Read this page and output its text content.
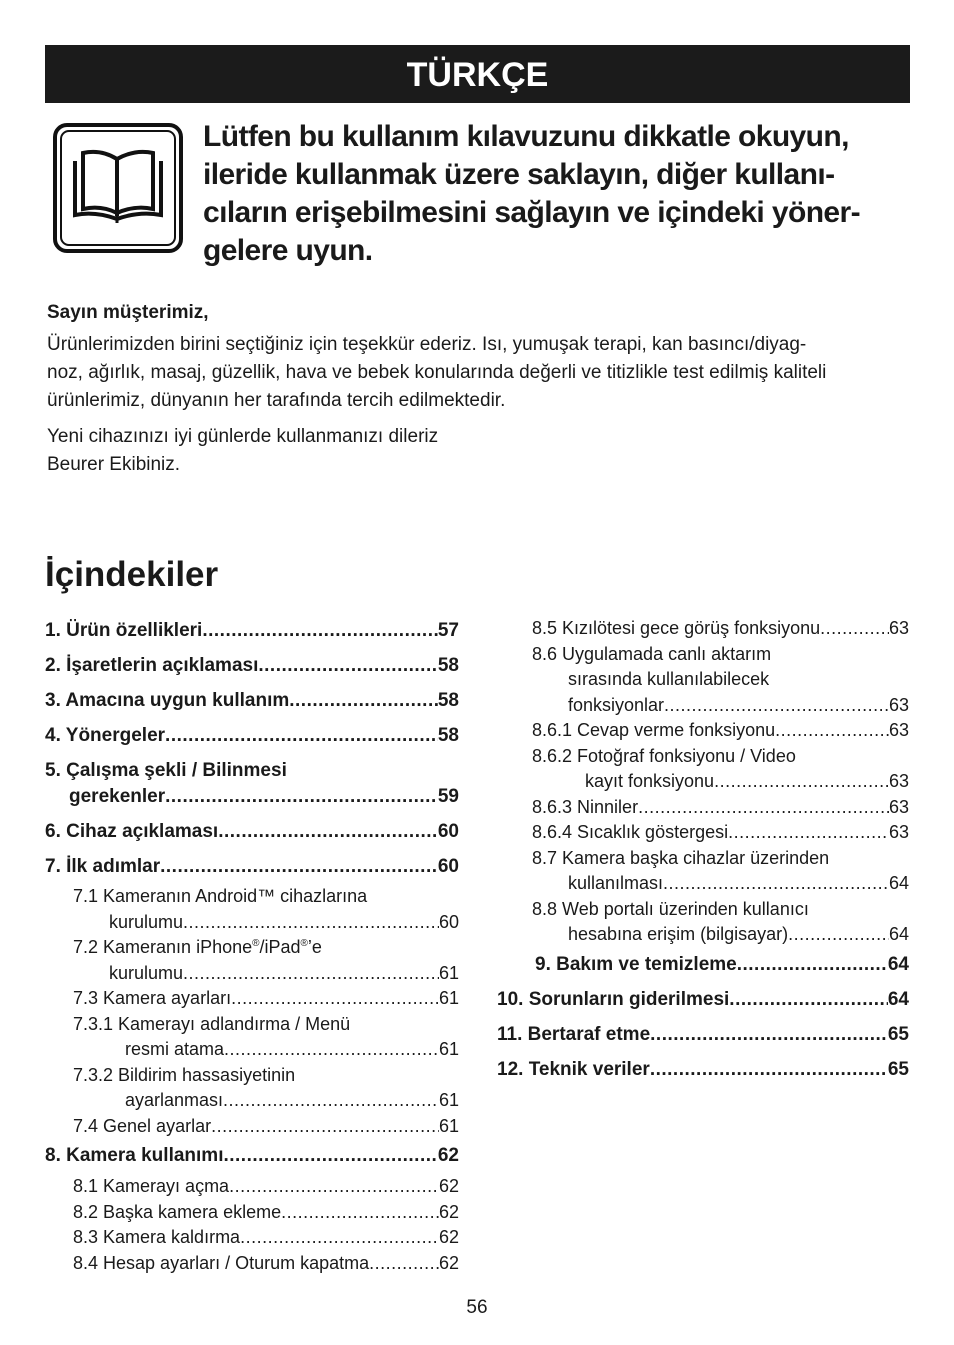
TÜRKÇE
Lütfen bu kullanım kılavuzunu dikkatle okuyun,
ileride kullanmak üzere saklayın, diğer kullanı-
cıların erişebilmesini sağlayın ve içindeki yöner-
gelere uyun.
Sayın müşterimiz,
Ürünlerimizden birini seçtiğiniz için teşekkür ederiz. Isı, yumuşak terapi, kan basıncı/diyag-
noz, ağırlık, masaj, güzellik, hava ve bebek konularında değerli ve titizlikle test edilmiş kaliteli
ürünlerimiz, dünyanın her tarafında tercih edilmektedir.
Yeni cihazınızı iyi günlerde kullanmanızı dileriz
Beurer Ekibiniz.
İçindekiler
1. Ürün özellikleri .....	57
2. İşaretlerin açıklaması .....	58
3. Amacına uygun kullanım .....	58
4. Yönergeler .....	58
5. Çalışma şekli / Bilinmesi
gerekenler .....	59
6. Cihaz açıklaması .....	60
7. İlk adımlar .....	60
7.1 Kameranın Android™ cihazlarına
kurulumu .....	60
7.2 Kameranın iPhone®/iPad®’e
kurulumu .....	61
7.3 Kamera ayarları .....	61
7.3.1 Kamerayı adlandırma / Menü
resmi atama .....	61
7.3.2 Bildirim hassasiyetinin
ayarlanması .....	61
7.4 Genel ayarlar .....	61
8. Kamera kullanımı .....	62
8.1 Kamerayı açma .....	62
8.2 Başka kamera ekleme .....	62
8.3 Kamera kaldırma .....	62
8.4 Hesap ayarları / Oturum kapatma .....	62
8.5 Kızılötesi gece görüş fonksiyonu .....	63
8.6 Uygulamada canlı aktarım
sırasında kullanılabilecek
fonksiyonlar .....	63
8.6.1 Cevap verme fonksiyonu .....	63
8.6.2 Fotoğraf fonksiyonu / Video
kayıt fonksiyonu .....	63
8.6.3 Ninniler .....	63
8.6.4 Sıcaklık göstergesi .....	63
8.7 Kamera başka cihazlar üzerinden
kullanılması .....	64
8.8 Web portalı üzerinden kullanıcı
hesabına erişim (bilgisayar) .....	64
9. Bakım ve temizleme .....	64
10. Sorunların giderilmesi .....	64
11. Bertaraf etme .....	65
12. Teknik veriler .....	65
56
